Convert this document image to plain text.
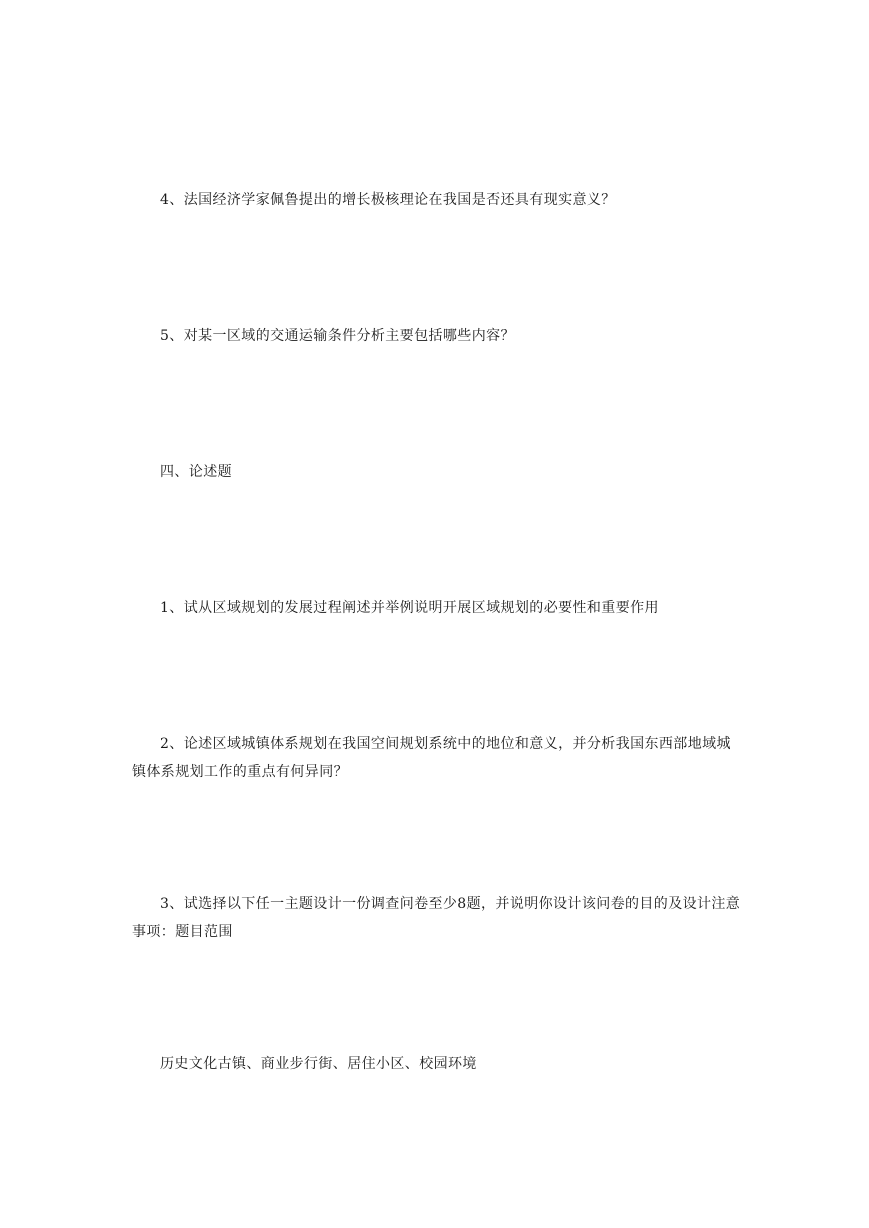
4、法国经济学家佩鲁提出的增长极核理论在我国是否还具有现实意义？

5、对某一区域的交通运输条件分析主要包括哪些内容？

四、论述题

1、试从区域规划的发展过程阐述并举例说明开展区域规划的必要性和重要作用

2、论述区域城镇体系规划在我国空间规划系统中的地位和意义，并分析我国东西部地域城镇体系规划工作的重点有何异同？

3、试选择以下任一主题设计一份调查问卷至少8题，并说明你设计该问卷的目的及设计注意事项：题目范围

历史文化古镇、商业步行街、居住小区、校园环境
